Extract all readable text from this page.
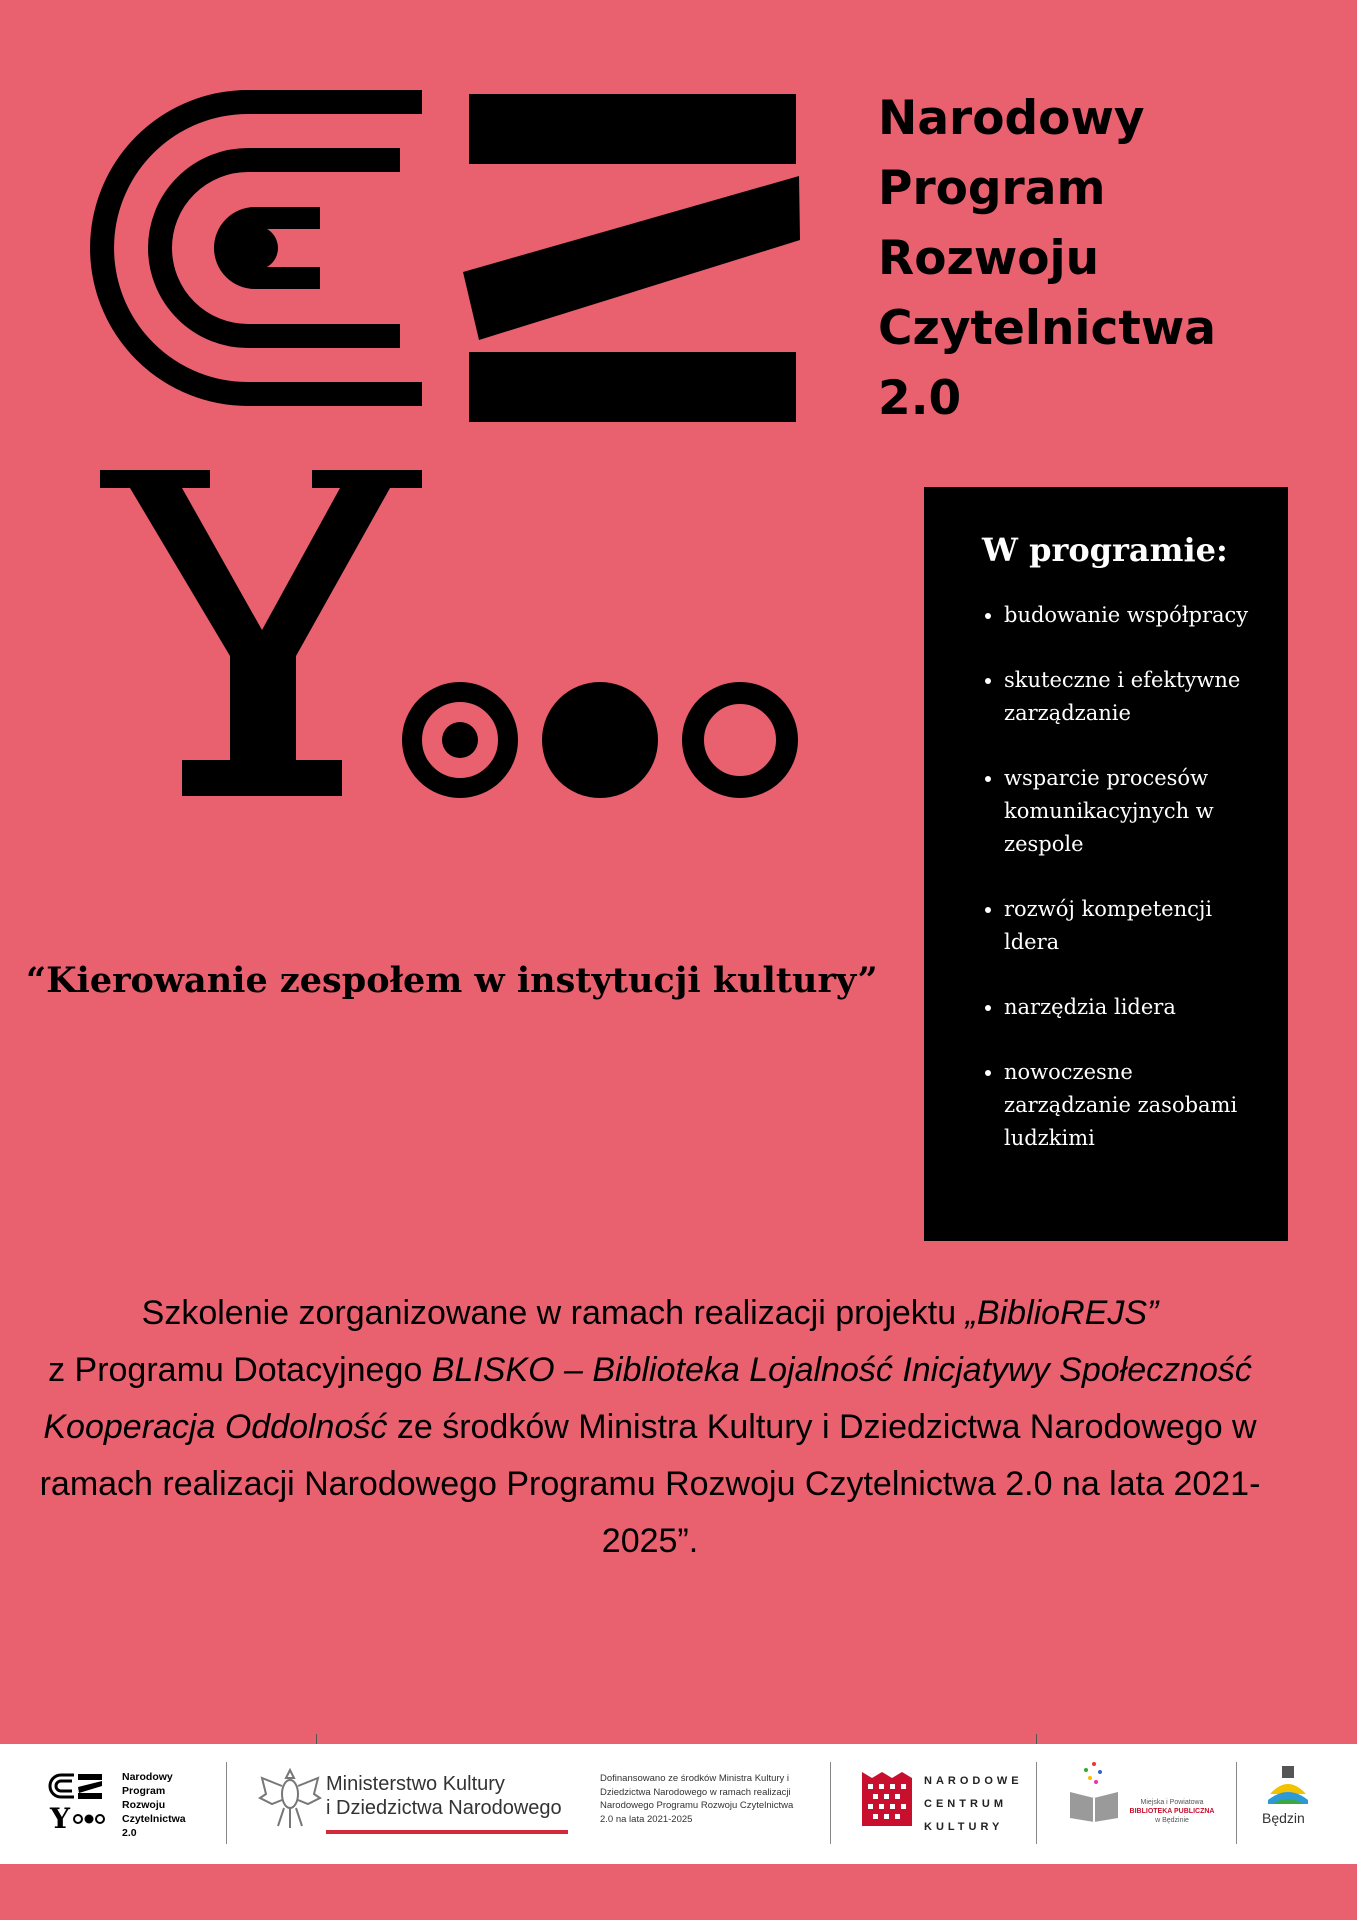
Narodowy
Program
Rozwoju
Czytelnictwa
2.0

W programie:
• budowanie współpracy
• skuteczne i efektywne zarządzanie
• wsparcie procesów komunikacyjnych w zespole
• rozwój kompetencji ldera
• narzędzia lidera
• nowoczesne zarządzanie zasobami ludzkimi

“Kierowanie zespołem w instytucji kultury”

Szkolenie zorganizowane w ramach realizacji projektu „BiblioREJS”
z Programu Dotacyjnego BLISKO – Biblioteka Lojalność Inicjatywy Społeczność Kooperacja Oddolność ze środków Ministra Kultury i Dziedzictwa Narodowego w ramach realizacji Narodowego Programu Rozwoju Czytelnictwa 2.0 na lata 2021-2025”.

Y
Narodowy
Program
Rozwoju
Czytelnictwa
2.0
Ministerstwo Kultury
i Dziedzictwa Narodowego
Dofinansowano ze środków Ministra Kultury i Dziedzictwa Narodowego w ramach realizacji Narodowego Programu Rozwoju Czytelnictwa 2.0 na lata 2021-2025
NARODOWE
CENTRUM
KULTURY
Miejska i Powiatowa
BIBLIOTEKA PUBLICZNA
w Będzinie	Będzin
